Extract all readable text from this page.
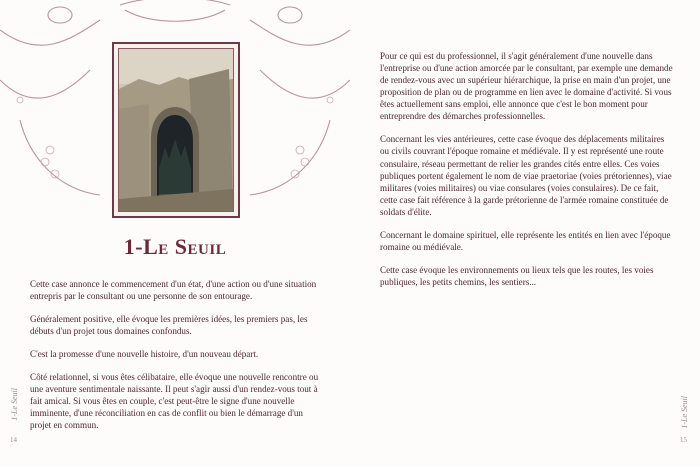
1-Le Seuil

Cette case annonce le commencement d'un état, d'une action ou d'une situation entrepris par le consultant ou une personne de son entourage.

Généralement positive, elle évoque les premières idées, les premiers pas, les débuts d'un projet tous domaines confondus.

C'est la promesse d'une nouvelle histoire, d'un nouveau départ.

Côté relationnel, si vous êtes célibataire, elle évoque une nouvelle rencontre ou une aventure sentimentale naissante. Il peut s'agir aussi d'un rendez-vous tout à fait amical. Si vous êtes en couple, c'est peut-être le signe d'une nouvelle imminente, d'une réconciliation en cas de conflit ou bien le démarrage d'un projet en commun.

1-Le Seuil
14

Pour ce qui est du professionnel, il s'agit généralement d'une nouvelle dans l'entreprise ou d'une action amorcée par le consultant, par exemple une demande de rendez-vous avec un supérieur hiérarchique, la prise en main d'un projet, une proposition de plan ou de programme en lien avec le domaine d'activité. Si vous êtes actuellement sans emploi, elle annonce que c'est le bon moment pour entreprendre des démarches professionnelles.

Concernant les vies antérieures, cette case évoque des déplacements militaires ou civils couvrant l'époque romaine et médiévale. Il y est représenté une route consulaire, réseau permettant de relier les grandes cités entre elles. Ces voies publiques portent également le nom de viae praetoriae (voies prétoriennes), viae militares (voies militaires) ou viae consulares (voies consulaires). De ce fait, cette case fait référence à la garde prétorienne de l'armée romaine constituée de soldats d'élite.

Concernant le domaine spirituel, elle représente les entités en lien avec l'époque romaine ou médiévale.

Cette case évoque les environnements ou lieux tels que les routes, les voies publiques, les petits chemins, les sentiers...

1-Le Seuil
15
